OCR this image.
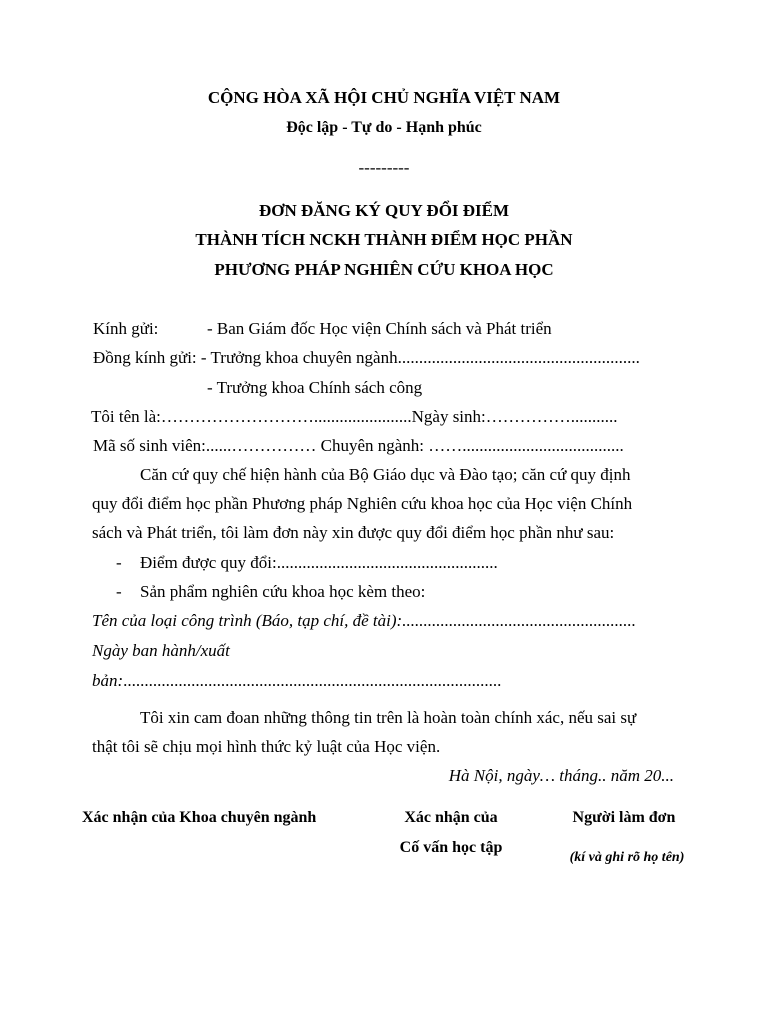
CỘNG HÒA XÃ HỘI CHỦ NGHĨA VIỆT NAM
Độc lập - Tự do - Hạnh phúc
---------
ĐƠN ĐĂNG KÝ QUY ĐỔI ĐIỂM
THÀNH TÍCH NCKH THÀNH ĐIỂM HỌC PHẦN
PHƯƠNG PHÁP NGHIÊN CỨU KHOA HỌC
Kính gửi:	- Ban Giám đốc Học viện Chính sách và Phát triển
Đồng kính gửi: - Trưởng khoa chuyên ngành.........................................................
- Trưởng khoa Chính sách công
Tôi tên là:……………………….......................Ngày sinh:……………...........
Mã số sinh viên:......…………… Chuyên ngành: ……......................................
Căn cứ quy chế hiện hành của Bộ Giáo dục và Đào tạo; căn cứ quy định
quy đổi điểm học phần Phương pháp Nghiên cứu khoa học của Học viện Chính
sách và Phát triển, tôi làm đơn này xin được quy đổi điểm học phần như sau:
- Điểm được quy đổi:....................................................
- Sản phẩm nghiên cứu khoa học kèm theo:
Tên của loại công trình (Báo, tạp chí, đề tài):.......................................................
Ngày ban hành/xuất
bản:.........................................................................................
Tôi xin cam đoan những thông tin trên là hoàn toàn chính xác, nếu sai sự
thật tôi sẽ chịu mọi hình thức kỷ luật của Học viện.
Hà Nội, ngày… tháng.. năm 20...
Xác nhận của Khoa chuyên ngành	Xác nhận của
Cố vấn học tập
Người làm đơn
(kí và ghi rõ họ tên)
